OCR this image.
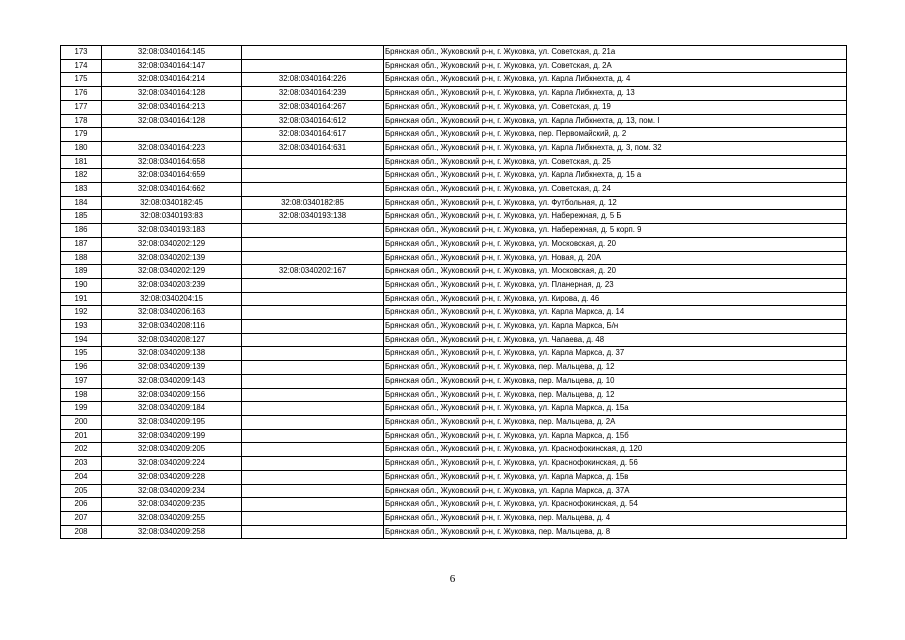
173	32:08:0340164:145		Брянская обл., Жуковский р-н, г. Жуковка, ул. Советская, д. 21а
174	32:08:0340164:147		Брянская обл., Жуковский р-н, г. Жуковка, ул. Советская, д. 2А
175	32:08:0340164:214	32:08:0340164:226	Брянская обл., Жуковский р-н, г. Жуковка, ул. Карла Либкнехта, д. 4
176	32:08:0340164:128	32:08:0340164:239	Брянская обл., Жуковский р-н, г. Жуковка, ул. Карла Либкнехта, д. 13
177	32:08:0340164:213	32:08:0340164:267	Брянская обл., Жуковский р-н, г. Жуковка, ул. Советская, д. 19
178	32:08:0340164:128	32:08:0340164:612	Брянская обл., Жуковский р-н, г. Жуковка, ул. Карла Либкнехта, д. 13, пом. I
179		32:08:0340164:617	Брянская обл., Жуковский р-н, г. Жуковка, пер. Первомайский, д. 2
180	32:08:0340164:223	32:08:0340164:631	Брянская обл., Жуковский р-н, г. Жуковка, ул. Карла Либкнехта, д. 3, пом. 32
181	32:08:0340164:658		Брянская обл., Жуковский р-н, г. Жуковка, ул. Советская, д. 25
182	32:08:0340164:659		Брянская обл., Жуковский р-н, г. Жуковка, ул. Карла Либкнехта, д. 15 а
183	32:08:0340164:662		Брянская обл., Жуковский р-н, г. Жуковка, ул. Советская, д. 24
184	32:08:0340182:45	32:08:0340182:85	Брянская обл., Жуковский р-н, г. Жуковка, ул. Футбольная, д. 12
185	32:08:0340193:83	32:08:0340193:138	Брянская обл., Жуковский р-н, г. Жуковка, ул. Набережная, д. 5 Б
186	32:08:0340193:183		Брянская обл., Жуковский р-н, г. Жуковка, ул. Набережная, д. 5 корп. 9
187	32:08:0340202:129		Брянская обл., Жуковский р-н, г. Жуковка, ул. Московская, д. 20
188	32:08:0340202:139		Брянская обл., Жуковский р-н, г. Жуковка, ул. Новая, д. 20А
189	32:08:0340202:129	32:08:0340202:167	Брянская обл., Жуковский р-н, г. Жуковка, ул. Московская, д. 20
190	32:08:0340203:239		Брянская обл., Жуковский р-н, г. Жуковка, ул. Планерная, д. 23
191	32:08:0340204:15		Брянская обл., Жуковский р-н, г. Жуковка, ул. Кирова, д. 46
192	32:08:0340206:163		Брянская обл., Жуковский р-н, г. Жуковка, ул. Карла Маркса, д. 14
193	32:08:0340208:116		Брянская обл., Жуковский р-н, г. Жуковка, ул. Карла Маркса, Б/н
194	32:08:0340208:127		Брянская обл., Жуковский р-н, г. Жуковка, ул. Чапаева, д. 48
195	32:08:0340209:138		Брянская обл., Жуковский р-н, г. Жуковка, ул. Карла Маркса, д. 37
196	32:08:0340209:139		Брянская обл., Жуковский р-н, г. Жуковка, пер. Мальцева, д. 12
197	32:08:0340209:143		Брянская обл., Жуковский р-н, г. Жуковка, пер. Мальцева, д. 10
198	32:08:0340209:156		Брянская обл., Жуковский р-н, г. Жуковка, пер. Мальцева, д. 12
199	32:08:0340209:184		Брянская обл., Жуковский р-н, г. Жуковка, ул. Карла Маркса, д. 15а
200	32:08:0340209:195		Брянская обл., Жуковский р-н, г. Жуковка, пер. Мальцева, д. 2А
201	32:08:0340209:199		Брянская обл., Жуковский р-н, г. Жуковка, ул. Карла Маркса, д. 15б
202	32:08:0340209:205		Брянская обл., Жуковский р-н, г. Жуковка, ул. Краснофокинская, д. 120
203	32:08:0340209:224		Брянская обл., Жуковский р-н, г. Жуковка, ул. Краснофокинская, д. 56
204	32:08:0340209:228		Брянская обл., Жуковский р-н, г. Жуковка, ул. Карла Маркса, д. 15в
205	32:08:0340209:234		Брянская обл., Жуковский р-н, г. Жуковка, ул. Карла Маркса, д. 37А
206	32:08:0340209:235		Брянская обл., Жуковский р-н, г. Жуковка, ул. Краснофокинская, д. 54
207	32:08:0340209:255		Брянская обл., Жуковский р-н, г. Жуковка, пер. Мальцева, д. 4
208	32:08:0340209:258		Брянская обл., Жуковский р-н, г. Жуковка, пер. Мальцева, д. 8
6
